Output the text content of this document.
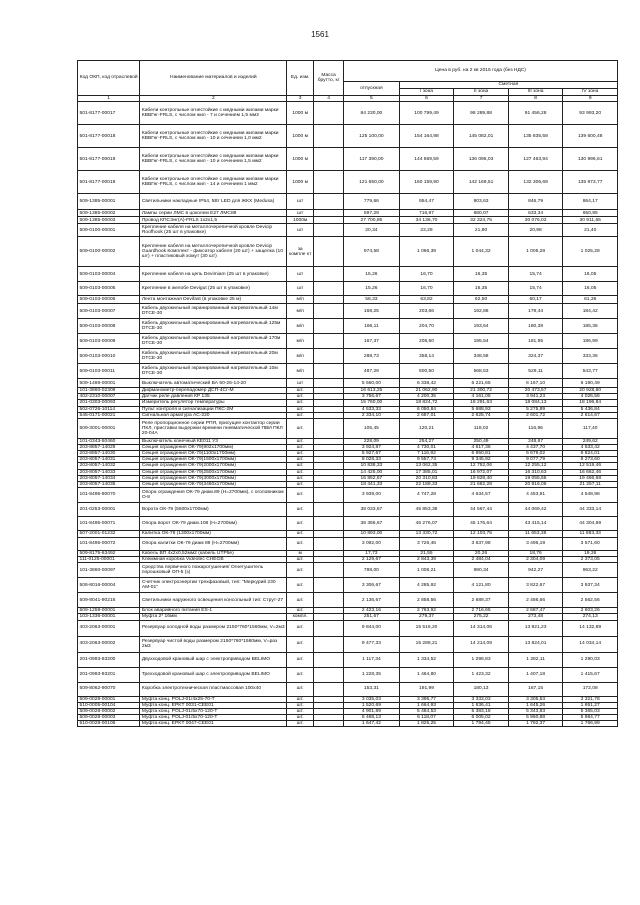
1561
Код ОКП, код отраслевой	Наименование материалов и изделий	Ед. изм.	Масса брутто, кг	Цена в руб. на 2 кв 2016 года (без НДС)				
				отпускная	Сметная			
					I зона	II зона	III зона	IV зона
1	2	3	4	5	6	7	8	9
501-8177-00017	Кабели контрольные огнестойкие с медными жилами марки КВВГнг-FRLS, с числом жил - 7 и сечением 1,5 мм2	1000 м		84 230,00	100 799,49	98 289,88	91 456,28	93 993,20
501-8177-00018	Кабели контрольные огнестойкие с медными жилами марки КВВГнг-FRLS, с числом жил - 10 и сечением 1,0 мм2	1000 м		125 100,00	154 164,98	145 082,01	135 835,58	139 600,48
501-8177-00019	Кабели контрольные огнестойкие с медными жилами марки КВВГнг-FRLS, с числом жил - 10 и сечением 1,5 мм2	1000 м		117 390,00	144 569,59	136 095,03	127 463,94	130 996,61
501-8177-00019	Кабели контрольные огнестойкие с медными жилами марки КВВГнг-FRLS, с числом жил - 14 и сечением 1 мм2	1000 м		121 650,00	150 159,90	142 169,51	132 306,69	135 973,77
509-1385-00001	Светильники накладные IP54, 5Вт LED для ЖКХ (Medusa)	шт		779,66	954,47	903,63	846,79	864,17
509-1385-00002	Лампы серии ЛМС в цоколем E27 ЛМС88	шт		597,29	716,97	680,07	633,34	650,95
509-1385-00003	Провод КПСЭнг(А)-FRLS 1х2х1,5	1000м		27 700,85	34 136,70	32 324,75	30 076,03	30 911,65
509-0100-00001	Крепление кабеля на металлочерепичной кровле Devicip Roofhook (25 шт в упаковке)	шт		20,34	22,28	21,80	20,98	21,40
509-0100-00002	Крепление кабеля на металлочерепичной кровле Devicip Guardhook Комплект - фиксатор кабеля (20 шт) + защелка (10 шт) + пластиковый хомут (30 шт)	за компле кт		974,58	1 066,39	1 044,32	1 005,28	1 025,28
509-0103-00004	Крепление кабеля на цепь Devimiam (25 шт в упаковке)	шт		15,26	16,70	16,35	15,74	16,05
509-0103-00005	Крепление в желобе Devigut (25 шт в упаковке)	шт		15,26	16,70	16,35	15,74	16,05
509-0103-00006	Лента монтажная Devifast (в упаковке 25 м)	м/п		58,33	63,82	62,50	60,17	61,36
509-0103-00007	Кабель двухжильный экранированный нагревательный 14м DTCE-30	м/п		168,25	203,66	192,86	179,44	184,42
509-0103-00008	Кабель двухжильный экранированный нагревательный 125м DTCE-30	м/п		166,11	204,70	193,64	180,38	185,36
509-0103-00009	Кабель двухжильный экранированный нагревательный 170м DTCE-30	м/п		167,37	206,50	195,54	181,95	186,99
509-0103-00010	Кабель двухжильный экранированный нагревательный 20м DTCE-30	м/п		288,73	358,14	348,58	324,37	333,36
509-0103-00011	Кабель двухжильный экранированный нагревательный 10м DTCE-30	м/п		487,29	600,50	568,53	529,11	543,77
509-1469-00001	Выключатель автоматический ВА 60-26-14-20	шт		5 560,00	6 338,42	6 221,65	6 167,10	6 190,49
101-3860-02309	Дифманометр-перепадомер ДСП-4Сг-М	шт.		16 613,25	21 062,90	21 300,72	20 473,57	20 928,80
402-2310-00007	Датчик реле давления КР 135	шт.		3 756,67	4 200,35	4 161,05	3 941,23	4 026,56
201-0303-00093	Измеритель регулятор температуры	шт.		15 760,00	18 824,72	18 291,63	18 084,13	18 196,84
502-0726-10114	Пульт контроля и сигнализации ПКС-2М	шт.		4 533,33	6 050,84	5 688,93	5 275,89	5 436,84
545-0171-00021	Сигнальная арматура АС-220	шт.		2 334,10	2 687,01	2 625,74	2 601,72	2 614,67
509-3001-00001	Реле пропорционное серии РПЯ, присущее контактор серии ПКЛ, приставки выдержки времени пневматической ПВИ ПКЛ 20-04А	шт.		105,45	120,21	118,02	116,96	117,40
101-0343-50460	Выключатель конечный КЕ011 У3	шт.		228,09	254,27	250,49	248,67	249,62
203-8857-14029	Секция ограждения ОК-79(902х1700мм)	шт.		3 924,87	4 730,01	4 617,36	4 437,70	4 533,42
203-8857-14030	Секция ограждения ОК-79(1100х1700мм)	шт.		5 927,67	7 116,92	6 950,81	6 679,02	6 824,01
203-8057-14031	Секция ограждения ОК-79(1500х1700мм)	шт.		8 028,33	9 557,74	9 345,92	9 077,79	9 273,60
203-8057-14032	Секция ограждения ОК-79(2000х1700мм)	шт.		10 838,33	13 062,35	12 752,06	12 255,12	12 519,46
203-8057-14033	Секция ограждения ОК-79(2500х1700мм)	шт.		14 425,00	17 385,01	16 972,07	16 310,63	16 662,46
203-8057-14034	Секция ограждения ОК-79(3000х1700мм)	шт.		16 852,67	20 310,83	19 828,40	19 055,65	19 466,68
203-8057-14035	Секция ограждения ОК-79(3460х1700мм)	шт.		18 441,33	22 189,33	21 662,28	20 816,06	21 257,11
101-8495-90070	Опора ограждения ОК-79 диам.89 (Н=2700мм), с оголовником О-8	шт.		3 939,00	4 747,28	4 634,57	4 453,91	4 549,98
201-0253-00001	Ворота ОК-79 (5500х1700мм)	шт.		38 033,67	45 853,38	44 567,44	44 069,42	44 333,14
101-8495-00071	Опора ворот ОК-79 диам.108 (Н=2700мм)	шт.		38 366,67	46 276,07	45 176,64	43 415,14	44 304,69
507-2001-01232	Калитка ОК-79 (1300х1700мм)	шт.		10 893,00	13 330,72	12 103,75	11 653,38	11 883,33
101-8495-00072	Опора калитки ОК-79 диам 89 (Н=2700мм)	шт.		3 092,00	3 726,46	3 637,98	3 496,19	3 571,60
509-8175-63492	Кабель ВП 4х2х0,52мм2 (кабель UTP5е)	м		17,73	21,55	20,26	18,76	19,36
111-0125-00001	Клеммная коробка Videotec CHEGB	шт.		2 129,67	2 843,39	2 484,04	2 304,09	2 373,05
101-3860-00097	Средства первичного пожаротушения/ Огнетушитель порошковый ОП-5 (з)	шт.		788,00	1 008,21	980,34	942,27	963,22
506-8016-00004	Счетчик электроэнергии трехфазовый, тип: "Меркурий 230 АМ-01"	шт.		3 306,67	4 285,92	4 121,80	3 822,67	3 937,34
509-8041-90216	Светильники наружного освещения консольный тип: Струт-27	шт.		2 136,67	2 858,56	2 689,37	2 486,66	2 562,56
509-1258-00001	Блок аварийного питания ES-1	шт.		2 423,16	2 763,92	2 716,65	2 687,47	2 603,26
103-1336-00001	Муфта 2* 16мм	компл.		251,67	279,37	275,22	273,48	274,13
403-2063-00001	Резервуар холодной воды размером 2150*760*1560мм, V=2м3	шт.		9 844,00	15 516,20	14 314,06	13 921,23	14 132,89
403-2063-00002	Резервуар чистой воды размером 2150*760*1560мм, V=раз 2м3	шт.		9 477,33	15 289,21	14 214,09	13 824,01	14 034,14
201-0993-93200	Двухходовой крановый шар с электроприводом BELIMO	шт.		1 117,34	1 334,52	1 298,83	1 282,11	1 290,03
201-0993-93201	Трехходовой крановый шар с электроприводом BELIMO	шт.		1 228,35	1 464,80	1 423,32	1 407,18	1 415,67
509-8062-90070	Коробка электротехническая пластмассовая 100х40	шт.		153,31	191,99	180,13	167,15	172,08
509-0028-00001	Муфта конц. POLJ-01/4х25-70-Т	шт.		3 035,03	3 395,77	3 333,03	3 305,53	3 321,78
510-0005-00104	Муфта конц. EPKT 0031-CEE01	шт.		1 520,69	1 664,93	1 636,41	1 645,26	1 651,27
509-0028-00002	Муфта конц. POLJ-01/5х70-120-Т	шт.		4 901,89	5 484,53	5 383,18	5 343,83	5 365,03
509-0028-00003	Муфта конц. POLJ-01/5х70-120-Т	шт.		5 468,13	6 118,07	6 005,02	5 960,88	5 984,77
510-0028-00106	Муфта конц. EPKT 0047-CEE01	шт.		1 647,42	1 825,25	1 794,45	1 792,37	1 766,99
